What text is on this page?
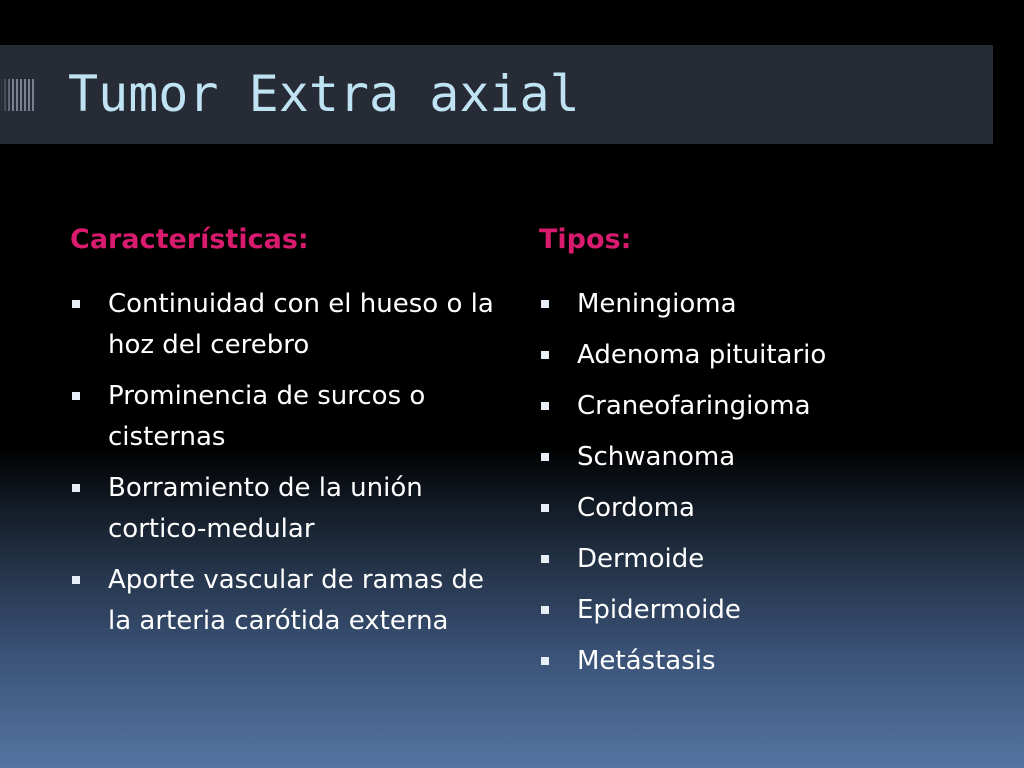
Tumor Extra axial
Características:
Continuidad con el hueso o la hoz del cerebro
Prominencia de surcos o cisternas
Borramiento de la unión cortico-medular
Aporte vascular de ramas de la arteria carótida externa
Tipos:
Meningioma
Adenoma pituitario
Craneofaringioma
Schwanoma
Cordoma
Dermoide
Epidermoide
Metástasis
